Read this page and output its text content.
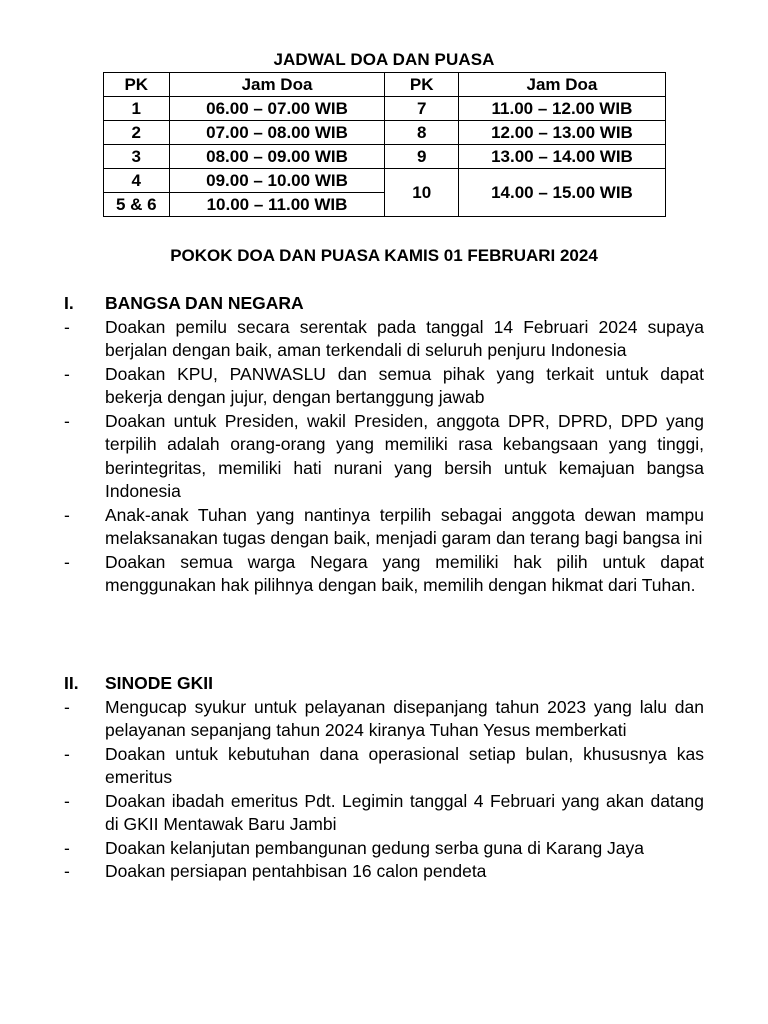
JADWAL DOA DAN PUASA
PK	Jam Doa	PK	Jam Doa
1	06.00 – 07.00 WIB	7	11.00 – 12.00 WIB
2	07.00 – 08.00 WIB	8	12.00 – 13.00 WIB
3	08.00 – 09.00 WIB	9	13.00 – 14.00 WIB
4	09.00 – 10.00 WIB	10	14.00 – 15.00 WIB
5 & 6	10.00 – 11.00 WIB		
POKOK DOA DAN PUASA KAMIS 01 FEBRUARI 2024
I.	BANGSA DAN NEGARA
-	Doakan pemilu secara serentak pada tanggal 14 Februari 2024 supaya berjalan dengan baik, aman terkendali di seluruh penjuru Indonesia
-	Doakan KPU, PANWASLU dan semua pihak yang terkait untuk dapat bekerja dengan jujur, dengan bertanggung jawab
-	Doakan untuk Presiden, wakil Presiden, anggota DPR, DPRD, DPD yang terpilih adalah orang-orang yang memiliki rasa kebangsaan yang tinggi, berintegritas, memiliki hati nurani yang bersih untuk kemajuan bangsa Indonesia
-	Anak-anak Tuhan yang nantinya terpilih sebagai anggota dewan mampu melaksanakan tugas dengan baik, menjadi garam dan terang bagi bangsa ini
-	Doakan semua warga Negara yang memiliki hak pilih untuk dapat menggunakan hak pilihnya dengan baik, memilih dengan hikmat dari Tuhan.
II.	SINODE GKII
-	Mengucap syukur untuk pelayanan disepanjang tahun 2023 yang lalu dan pelayanan sepanjang tahun 2024 kiranya Tuhan Yesus memberkati
-	Doakan untuk kebutuhan dana operasional setiap bulan, khususnya kas emeritus
-	Doakan ibadah emeritus Pdt. Legimin tanggal 4 Februari yang akan datang di GKII Mentawak Baru Jambi
-	Doakan kelanjutan pembangunan gedung serba guna di Karang Jaya
-	Doakan persiapan pentahbisan 16 calon pendeta
